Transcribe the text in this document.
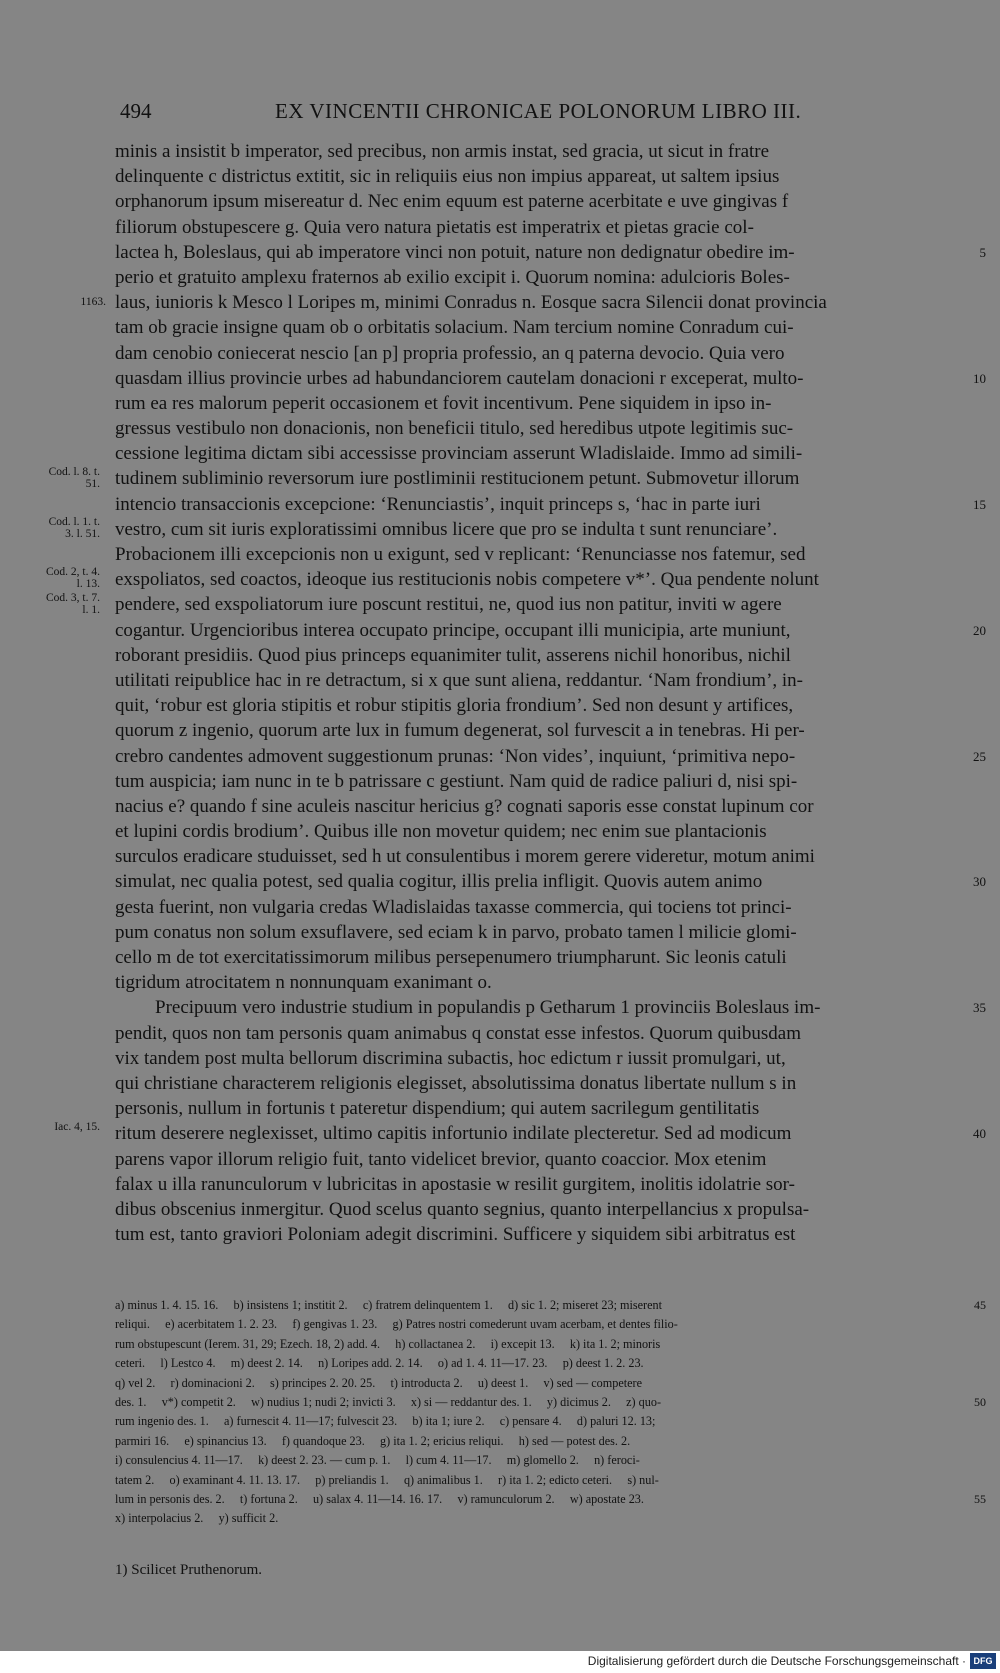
494	EX VINCENTII CHRONICAE POLONORUM LIBRO III.
minis a insistit b imperator, sed precibus, non armis instat, sed gracia, ut sicut in fratre
delinquente c districtus extitit, sic in reliquiis eius non impius appareat, ut saltem ipsius
orphanorum ipsum misereatur d. Nec enim equum est paterne acerbitate e uve gingivas f
filiorum obstupescere g. Quia vero natura pietatis est imperatrix et pietas gracie col-
lactea h, Boleslaus, qui ab imperatore vinci non potuit, nature non dedignatur obedire im-	5
perio et gratuito amplexu fraternos ab exilio excipit i. Quorum nomina: adulcioris Boles-
laus, iunioris k Mesco l Loripes m, minimi Conradus n. Eosque sacra Silencii donat provincia
tam ob gracie insigne quam ob o orbitatis solacium. Nam tercium nomine Conradum cui-
dam cenobio coniecerat nescio [an p] propria professio, an q paterna devocio. Quia vero
quasdam illius provincie urbes ad habundanciorem cautelam donacioni r exceperat, multo-	10
rum ea res malorum peperit occasionem et fovit incentivum. Pene siquidem in ipso in-
gressus vestibulo non donacionis, non beneficii titulo, sed heredibus utpote legitimis suc-
cessione legitima dictam sibi accessisse provinciam asserunt Wladislaide. Immo ad simili-
tudinem subliminio reversorum iure postliminii restitucionem petunt. Submovetur illorum
intencio transaccionis excepcione: ‘Renunciastis’, inquit princeps s, ‘hac in parte iuri	15
vestro, cum sit iuris exploratissimi omnibus licere que pro se indulta t sunt renunciare’.
Probacionem illi excepcionis non u exigunt, sed v replicant: ‘Renunciasse nos fatemur, sed
exspoliatos, sed coactos, ideoque ius restitucionis nobis competere v*’. Qua pendente nolunt
pendere, sed exspoliatorum iure poscunt restitui, ne, quod ius non patitur, inviti w agere
cogantur. Urgencioribus interea occupato principe, occupant illi municipia, arte muniunt,	20
roborant presidiis. Quod pius princeps equanimiter tulit, asserens nichil honoribus, nichil
utilitati reipublice hac in re detractum, si x que sunt aliena, reddantur. ‘Nam frondium’, in-
quit, ‘robur est gloria stipitis et robur stipitis gloria frondium’. Sed non desunt y artifices,
quorum z ingenio, quorum arte lux in fumum degenerat, sol furvescit a in tenebras. Hi per-
crebro candentes admovent suggestionum prunas: ‘Non vides’, inquiunt, ‘primitiva nepo-	25
tum auspicia; iam nunc in te b patrissare c gestiunt. Nam quid de radice paliuri d, nisi spi-
nacius e? quando f sine aculeis nascitur hericius g? cognati saporis esse constat lupinum cor
et lupini cordis brodium’. Quibus ille non movetur quidem; nec enim sue plantacionis
surculos eradicare studuisset, sed h ut consulentibus i morem gerere videretur, motum animi
simulat, nec qualia potest, sed qualia cogitur, illis prelia infligit. Quovis autem animo	30
gesta fuerint, non vulgaria credas Wladislaidas taxasse commercia, qui tociens tot princi-
pum conatus non solum exsuflavere, sed eciam k in parvo, probato tamen l milicie glomi-
cello m de tot exercitatissimorum milibus persepenumero triumpharunt. Sic leonis catuli
tigridum atrocitatem n nonnunquam exanimant o.
Precipuum vero industrie studium in populandis p Getharum 1 provinciis Boleslaus im-	35
pendit, quos non tam personis quam animabus q constat esse infestos. Quorum quibusdam
vix tandem post multa bellorum discrimina subactis, hoc edictum r iussit promulgari, ut,
qui christiane characterem religionis elegisset, absolutissima donatus libertate nullum s in
personis, nullum in fortunis t pateretur dispendium; qui autem sacrilegum gentilitatis
ritum deserere neglexisset, ultimo capitis infortunio indilate plecteretur. Sed ad modicum	40
parens vapor illorum religio fuit, tanto videlicet brevior, quanto coaccior. Mox etenim
falax u illa ranunculorum v lubricitas in apostasie w resilit gurgitem, inolitis idolatrie sor-
dibus obscenius inmergitur. Quod scelus quanto segnius, quanto interpellancius x propulsa-
tum est, tanto graviori Poloniam adegit discrimini. Sufficere y siquidem sibi arbitratus est
1163.
Cod. l. 8. t. 51.
Cod. l. 1. t. 3. l. 51.
Cod. 2, t. 4. l. 13.
Cod. 3, t. 7. l. 1.
Iac. 4, 15.
a) minus 1. 4. 15. 16.     b) insistens 1; institit 2.     c) fratrem delinquentem 1.     d) sic 1. 2; miseret 23; miserent	45
reliqui.     e) acerbitatem 1. 2. 23.     f) gengivas 1. 23.     g) Patres nostri comederunt uvam acerbam, et dentes filio-
rum obstupescunt (Ierem. 31, 29; Ezech. 18, 2) add. 4.     h) collactanea 2.     i) excepit 13.     k) ita 1. 2; minoris
ceteri.     l) Lestco 4.     m) deest 2. 14.     n) Loripes add. 2. 14.     o) ad 1. 4. 11—17. 23.     p) deest 1. 2. 23.
q) vel 2.     r) dominacioni 2.     s) principes 2. 20. 25.     t) introducta 2.     u) deest 1.     v) sed — competere
des. 1.     v*) competit 2.     w) nudius 1; nudi 2; invicti 3.     x) si — reddantur des. 1.     y) dicimus 2.     z) quo-	50
rum ingenio des. 1.     a) furnescit 4. 11—17; fulvescit 23.     b) ita 1; iure 2.     c) pensare 4.     d) paluri 12. 13;
parmiri 16.     e) spinancius 13.     f) quandoque 23.     g) ita 1. 2; ericius reliqui.     h) sed — potest des. 2.
i) consulencius 4. 11—17.     k) deest 2. 23. — cum p. 1.     l) cum 4. 11—17.     m) glomello 2.     n) feroci-
tatem 2.     o) examinant 4. 11. 13. 17.     p) preliandis 1.     q) animalibus 1.     r) ita 1. 2; edicto ceteri.     s) nul-
lum in personis des. 2.     t) fortuna 2.     u) salax 4. 11—14. 16. 17.     v) ramunculorum 2.     w) apostate 23.	55
x) interpolacius 2.     y) sufficit 2.
1) Scilicet Pruthenorum.
Digitalisierung gefördert durch die Deutsche Forschungsgemeinschaft · DFG
